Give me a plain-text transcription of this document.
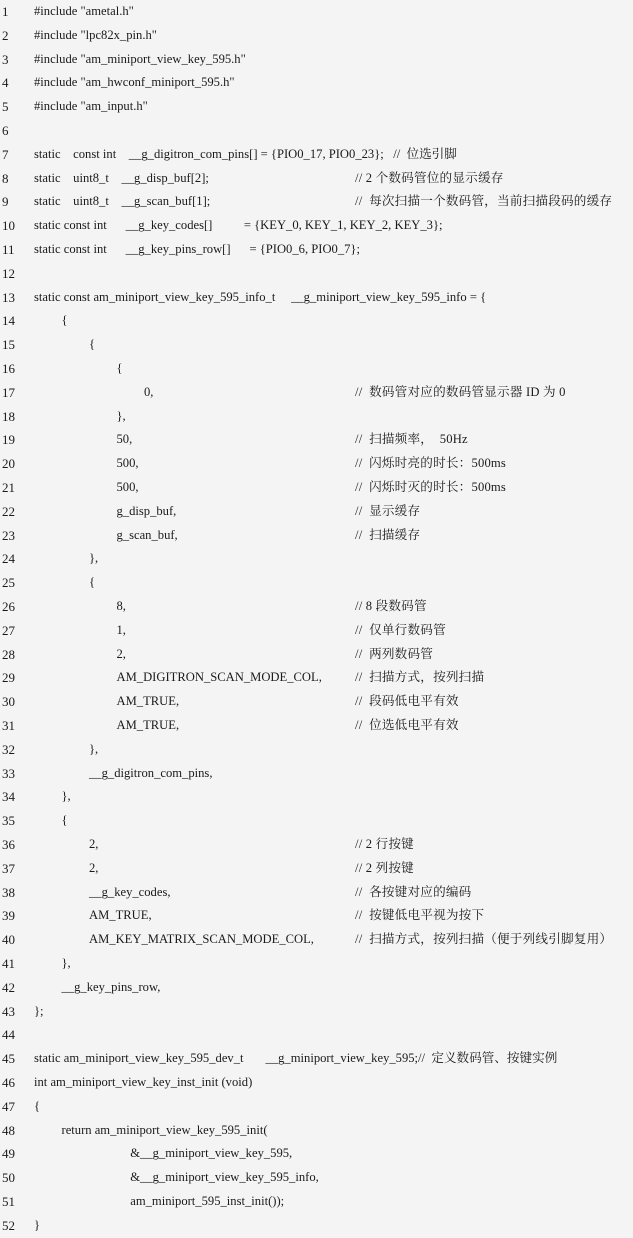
1	#include "ametal.h"
2	#include "lpc82x_pin.h"
3	#include "am_miniport_view_key_595.h"
4	#include "am_hwconf_miniport_595.h"
5	#include "am_input.h"
6
7	static    const int    __g_digitron_com_pins[] = {PIO0_17, PIO0_23};   //  位选引脚
8	static    uint8_t    __g_disp_buf[2];	// 2 个数码管位的显示缓存
9	static    uint8_t    __g_scan_buf[1];	//  每次扫描一个数码管，当前扫描段码的缓存
10	static const int      __g_key_codes[]          = {KEY_0, KEY_1, KEY_2, KEY_3};
11	static const int      __g_key_pins_row[]      = {PIO0_6, PIO0_7};
12
13	static const am_miniport_view_key_595_info_t     __g_miniport_view_key_595_info = {
14	{
15	{
16	{
17	0,	//  数码管对应的数码管显示器 ID 为 0
18	},
19	50,	//  扫描频率，  50Hz
20	500,	//  闪烁时亮的时长：500ms
21	500,	//  闪烁时灭的时长：500ms
22	g_disp_buf,	//  显示缓存
23	g_scan_buf,	//  扫描缓存
24	},
25	{
26	8,	// 8 段数码管
27	1,	//  仅单行数码管
28	2,	//  两列数码管
29	AM_DIGITRON_SCAN_MODE_COL,	//  扫描方式，按列扫描
30	AM_TRUE,	//  段码低电平有效
31	AM_TRUE,	//  位选低电平有效
32	},
33	__g_digitron_com_pins,
34	},
35	{
36	2,	// 2 行按键
37	2,	// 2 列按键
38	__g_key_codes,	//  各按键对应的编码
39	AM_TRUE,	//  按键低电平视为按下
40	AM_KEY_MATRIX_SCAN_MODE_COL,	//  扫描方式，按列扫描（便于列线引脚复用）
41	},
42	__g_key_pins_row,
43	};
44
45	static am_miniport_view_key_595_dev_t       __g_miniport_view_key_595;//  定义数码管、按键实例
46	int am_miniport_view_key_inst_init (void)
47	{
48	return am_miniport_view_key_595_init(
49	&__g_miniport_view_key_595,
50	&__g_miniport_view_key_595_info,
51	am_miniport_595_inst_init());
52	}
